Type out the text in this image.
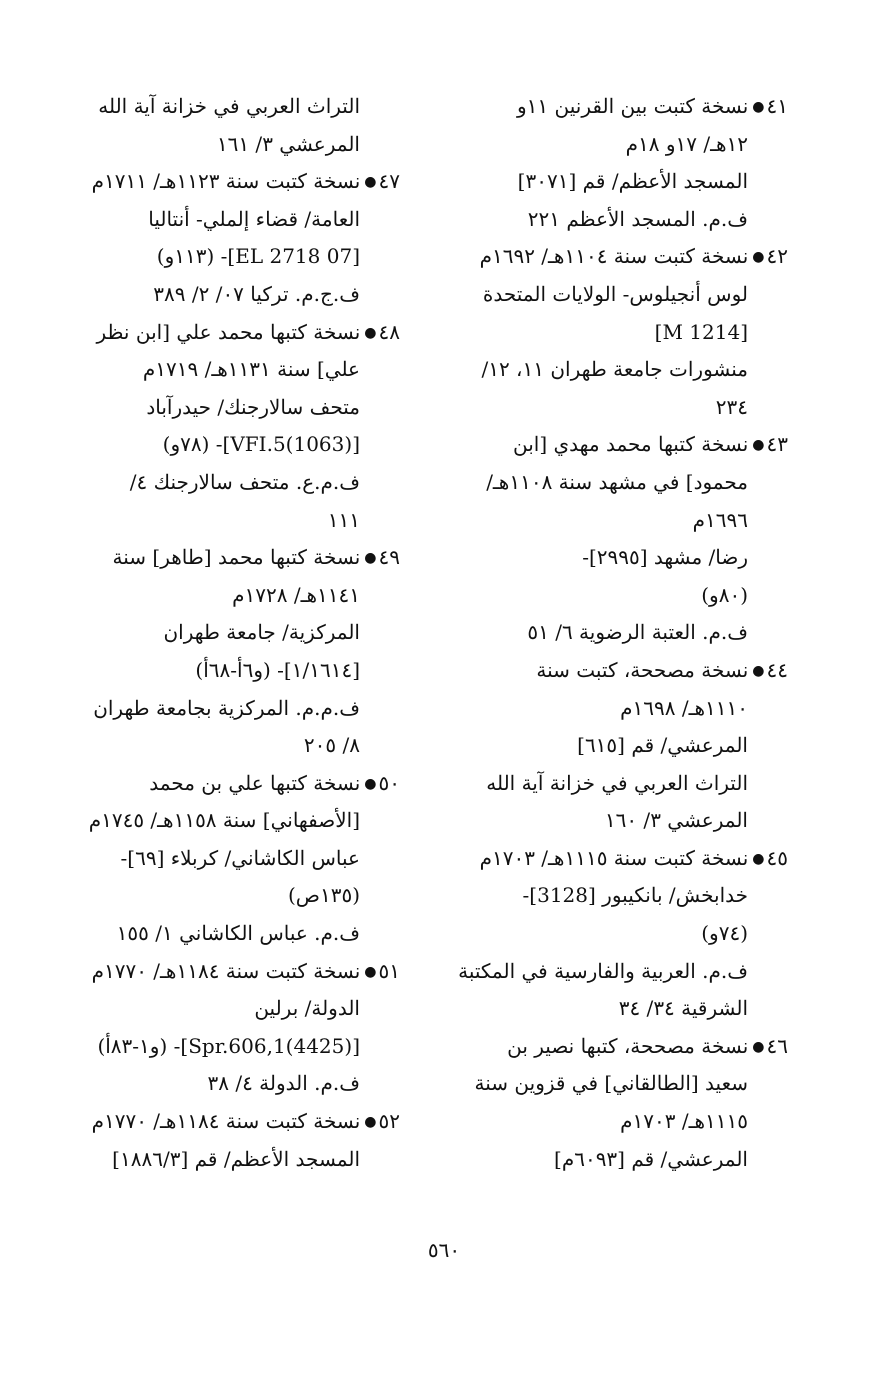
٤١●نسخة كتبت بين القرنين ١١و
١٢هـ/ ١٧و ١٨م
المسجد الأعظم/ قم [٣٠٧١]
ف.م. المسجد الأعظم ٢٢١
٤٢●نسخة كتبت سنة ١١٠٤هـ/ ١٦٩٢م
لوس أنجيلوس- الولايات المتحدة
[M 1214]
منشورات جامعة طهران ١١، ١٢/
٢٣٤
٤٣●نسخة كتبها محمد مهدي [ابن
محمود] في مشهد سنة ١١٠٨هـ/
١٦٩٦م
رضا/ مشهد [٢٩٩٥]-
(٨٠و)
ف.م. العتبة الرضوية ٦/ ٥١
٤٤●نسخة مصححة، كتبت سنة
١١١٠هـ/ ١٦٩٨م
المرعشي/ قم [٦١٥]
التراث العربي في خزانة آية الله
المرعشي ٣/ ١٦٠
٤٥●نسخة كتبت سنة ١١١٥هـ/ ١٧٠٣م
خدابخش/ بانكيبور [3128]-
(٧٤و)
ف.م. العربية والفارسية في المكتبة
الشرقية ٣٤/ ٣٤
٤٦●نسخة مصححة، كتبها نصير بن
سعيد [الطالقاني] في قزوين سنة
١١١٥هـ/ ١٧٠٣م
المرعشي/ قم [٦٠٩٣م]
التراث العربي في خزانة آية الله
المرعشي ٣/ ١٦١
٤٧●نسخة كتبت سنة ١١٢٣هـ/ ١٧١١م
العامة/ قضاء إلملي- أنتاليا
[07 EL 2718]- (١١٣و)
ف.ج.م. تركيا ٠٧/ ٢/ ٣٨٩
٤٨●نسخة كتبها محمد علي [ابن نظر
علي] سنة ١١٣١هـ/ ١٧١٩م
متحف سالارجنك/ حيدرآباد
[(1063)VFI.5]- (٧٨و)
ف.م.ع. متحف سالارجنك ٤/
١١١
٤٩●نسخة كتبها محمد [طاهر] سنة
١١٤١هـ/ ١٧٢٨م
المركزية/ جامعة طهران
[١/١٦١٤]- (و٦أ-٦٨أ)
ف.م.م. المركزية بجامعة طهران
٨/ ٢٠٥
٥٠●نسخة كتبها علي بن محمد
[الأصفهاني] سنة ١١٥٨هـ/ ١٧٤٥م
عباس الكاشاني/ كربلاء [٦٩]-
(١٣٥ص)
ف.م. عباس الكاشاني ١/ ١٥٥
٥١●نسخة كتبت سنة ١١٨٤هـ/ ١٧٧٠م
الدولة/ برلين
[(4425)Spr.606,1]- (و١-٨٣أ)
ف.م. الدولة ٤/ ٣٨
٥٢●نسخة كتبت سنة ١١٨٤هـ/ ١٧٧٠م
المسجد الأعظم/ قم [١٨٨٦/٣]
٥٦٠
